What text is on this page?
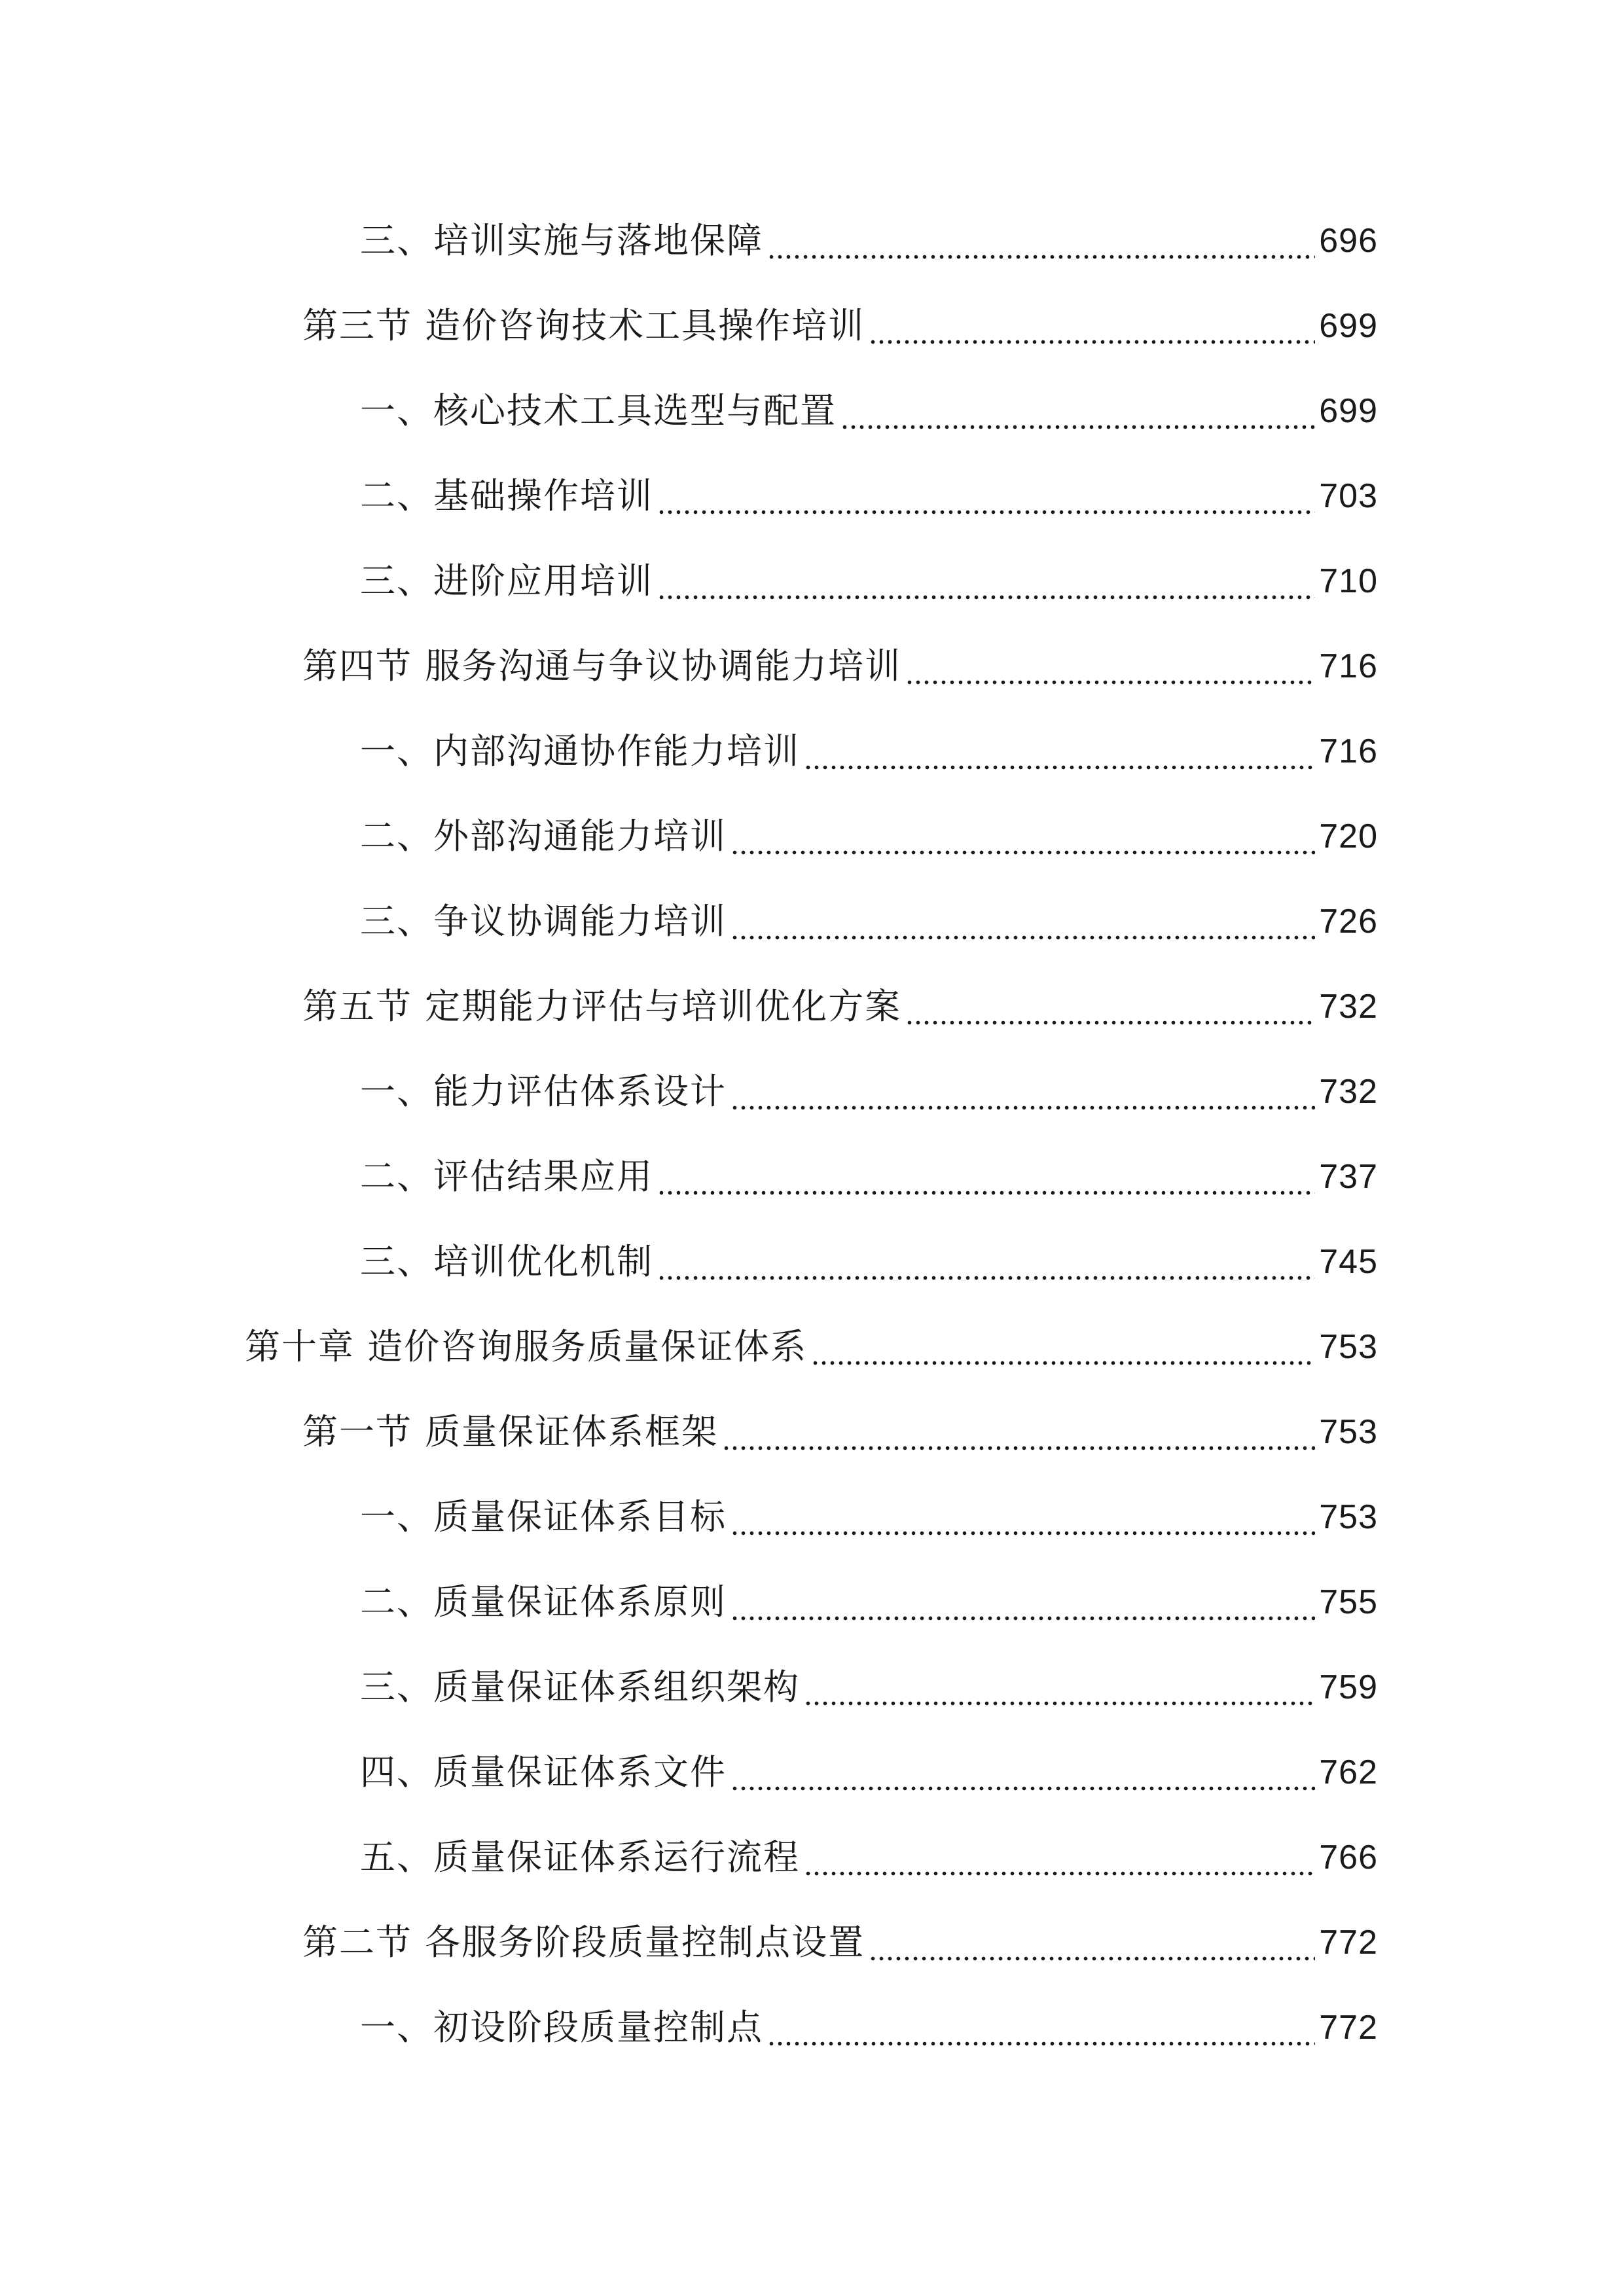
三、培训实施与落地保障	696
第三节 造价咨询技术工具操作培训	699
一、核心技术工具选型与配置	699
二、基础操作培训	703
三、进阶应用培训	710
第四节 服务沟通与争议协调能力培训	716
一、内部沟通协作能力培训	716
二、外部沟通能力培训	720
三、争议协调能力培训	726
第五节 定期能力评估与培训优化方案	732
一、能力评估体系设计	732
二、评估结果应用	737
三、培训优化机制	745
第十章 造价咨询服务质量保证体系	753
第一节 质量保证体系框架	753
一、质量保证体系目标	753
二、质量保证体系原则	755
三、质量保证体系组织架构	759
四、质量保证体系文件	762
五、质量保证体系运行流程	766
第二节 各服务阶段质量控制点设置	772
一、初设阶段质量控制点	772
